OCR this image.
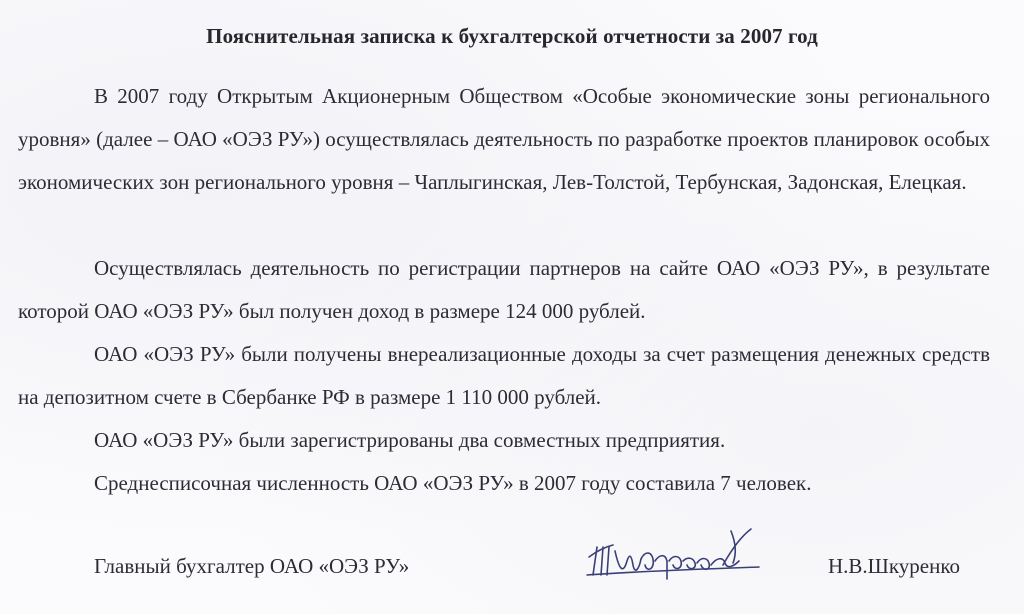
Пояснительная записка к бухгалтерской отчетности за 2007 год
В 2007 году Открытым Акционерным Обществом «Особые экономические зоны регионального уровня» (далее – ОАО «ОЭЗ РУ») осуществлялась деятельность по разработке проектов планировок особых экономических зон регионального уровня – Чаплыгинская, Лев-Толстой, Тербунская, Задонская, Елецкая.
Осуществлялась деятельность по регистрации партнеров на сайте ОАО «ОЭЗ РУ», в результате которой ОАО «ОЭЗ РУ» был получен доход в размере 124 000 рублей.
ОАО «ОЭЗ РУ» были получены внереализационные доходы за счет размещения денежных средств на депозитном счете в Сбербанке РФ в размере 1 110 000 рублей.
ОАО «ОЭЗ РУ» были зарегистрированы два совместных предприятия.
Среднесписочная численность ОАО «ОЭЗ РУ» в 2007 году составила 7 человек.
Главный бухгалтер ОАО «ОЭЗ РУ»	Н.В.Шкуренко
